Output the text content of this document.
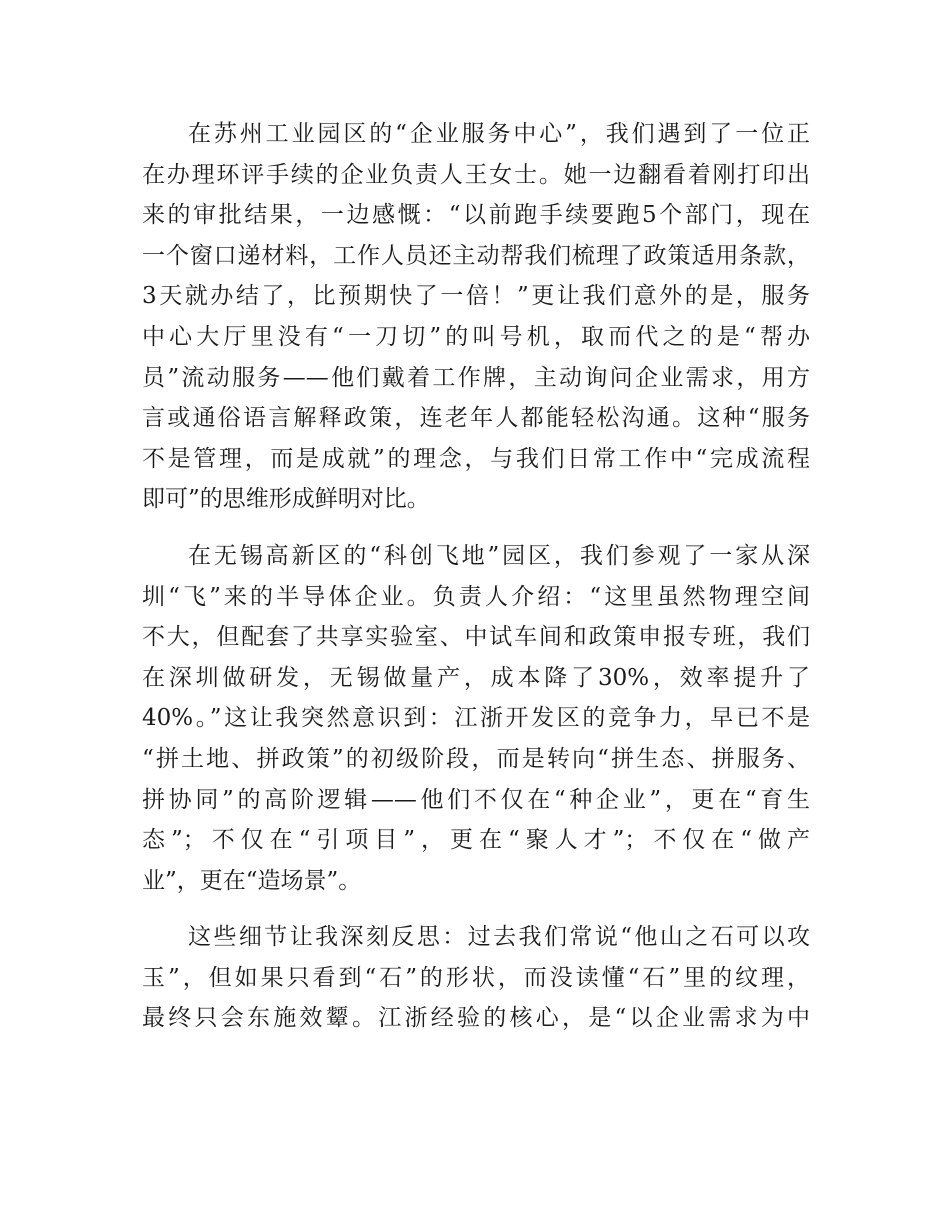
在苏州工业园区的“企业服务中心”，我们遇到了一位正
在办理环评手续的企业负责人王女士。她一边翻看着刚打印出
来的审批结果，一边感慨：“以前跑手续要跑5个部门，现在
一个窗口递材料，工作人员还主动帮我们梳理了政策适用条款，
3天就办结了，比预期快了一倍！”更让我们意外的是，服务
中心大厅里没有“一刀切”的叫号机，取而代之的是“帮办
员”流动服务——他们戴着工作牌，主动询问企业需求，用方
言或通俗语言解释政策，连老年人都能轻松沟通。这种“服务
不是管理，而是成就”的理念，与我们日常工作中“完成流程
即可”的思维形成鲜明对比。
在无锡高新区的“科创飞地”园区，我们参观了一家从深
圳“飞”来的半导体企业。负责人介绍：“这里虽然物理空间
不大，但配套了共享实验室、中试车间和政策申报专班，我们
在深圳做研发，无锡做量产，成本降了30%，效率提升了
40%。”这让我突然意识到：江浙开发区的竞争力，早已不是
“拼土地、拼政策”的初级阶段，而是转向“拼生态、拼服务、
拼协同”的高阶逻辑——他们不仅在“种企业”，更在“育生
态”；不仅在“引项目”，更在“聚人才”；不仅在“做产
业”，更在“造场景”。
这些细节让我深刻反思：过去我们常说“他山之石可以攻
玉”，但如果只看到“石”的形状，而没读懂“石”里的纹理，
最终只会东施效颦。江浙经验的核心，是“以企业需求为中
